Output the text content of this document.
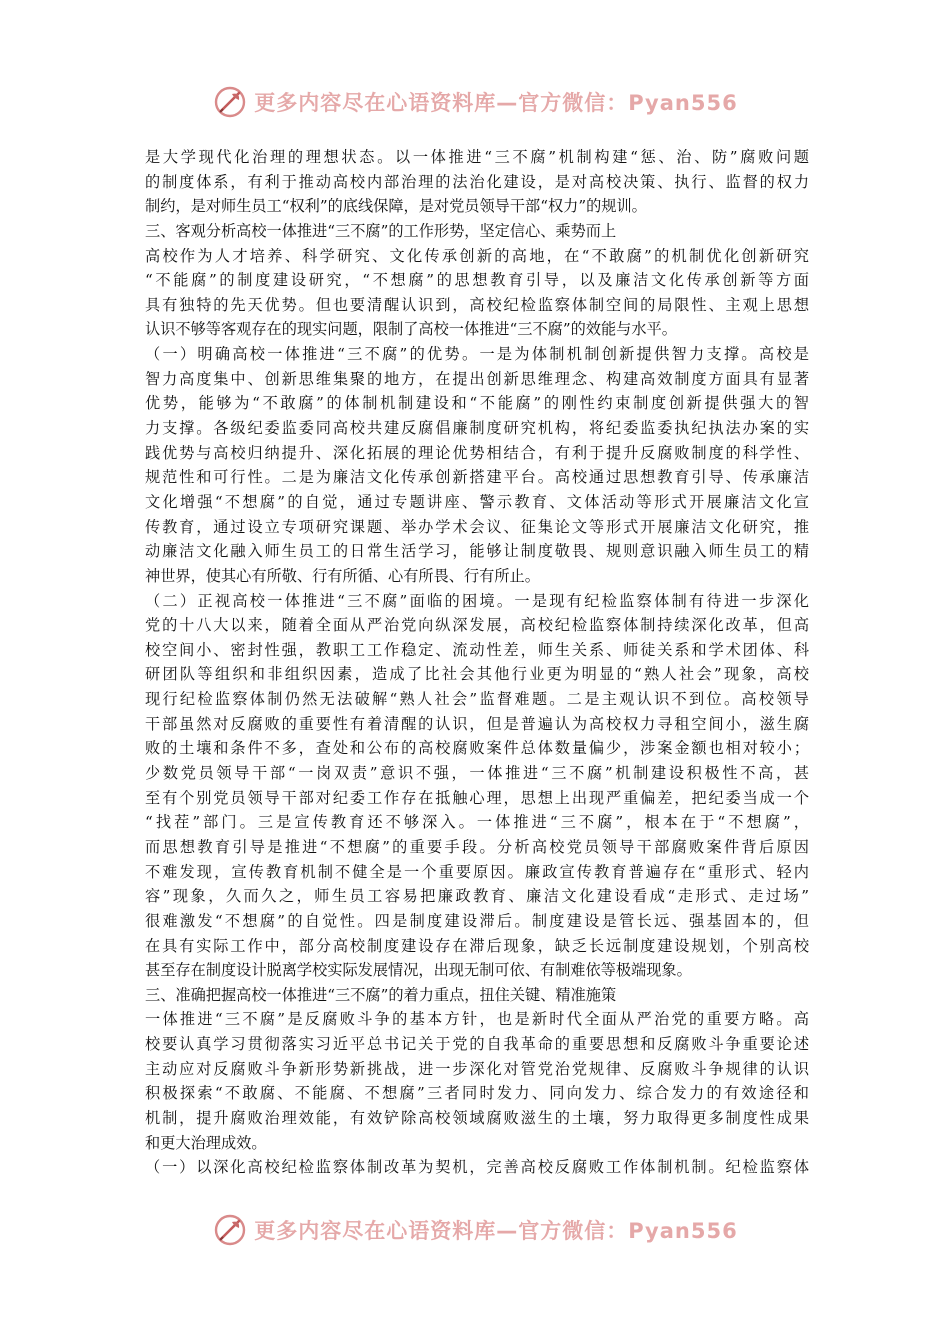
更多内容尽在心语资料库—官方微信：Pyan556
是大学现代化治理的理想状态。以一体推进“三不腐”机制构建“惩、治、防”腐败问题
的制度体系，有利于推动高校内部治理的法治化建设，是对高校决策、执行、监督的权力
制约，是对师生员工“权利”的底线保障，是对党员领导干部“权力”的规训。
三、客观分析高校一体推进“三不腐”的工作形势，坚定信心、乘势而上
高校作为人才培养、科学研究、文化传承创新的高地，在“不敢腐”的机制优化创新研究
“不能腐”的制度建设研究，“不想腐”的思想教育引导，以及廉洁文化传承创新等方面
具有独特的先天优势。但也要清醒认识到，高校纪检监察体制空间的局限性、主观上思想
认识不够等客观存在的现实问题，限制了高校一体推进“三不腐”的效能与水平。
（一）明确高校一体推进“三不腐”的优势。一是为体制机制创新提供智力支撑。高校是
智力高度集中、创新思维集聚的地方，在提出创新思维理念、构建高效制度方面具有显著
优势，能够为“不敢腐”的体制机制建设和“不能腐”的刚性约束制度创新提供强大的智
力支撑。各级纪委监委同高校共建反腐倡廉制度研究机构，将纪委监委执纪执法办案的实
践优势与高校归纳提升、深化拓展的理论优势相结合，有利于提升反腐败制度的科学性、
规范性和可行性。二是为廉洁文化传承创新搭建平台。高校通过思想教育引导、传承廉洁
文化增强“不想腐”的自觉，通过专题讲座、警示教育、文体活动等形式开展廉洁文化宣
传教育，通过设立专项研究课题、举办学术会议、征集论文等形式开展廉洁文化研究，推
动廉洁文化融入师生员工的日常生活学习，能够让制度敬畏、规则意识融入师生员工的精
神世界，使其心有所敬、行有所循、心有所畏、行有所止。
（二）正视高校一体推进“三不腐”面临的困境。一是现有纪检监察体制有待进一步深化
党的十八大以来，随着全面从严治党向纵深发展，高校纪检监察体制持续深化改革，但高
校空间小、密封性强，教职工工作稳定、流动性差，师生关系、师徒关系和学术团体、科
研团队等组织和非组织因素，造成了比社会其他行业更为明显的“熟人社会”现象，高校
现行纪检监察体制仍然无法破解“熟人社会”监督难题。二是主观认识不到位。高校领导
干部虽然对反腐败的重要性有着清醒的认识，但是普遍认为高校权力寻租空间小，滋生腐
败的土壤和条件不多，查处和公布的高校腐败案件总体数量偏少，涉案金额也相对较小；
少数党员领导干部“一岗双责”意识不强，一体推进“三不腐”机制建设积极性不高，甚
至有个别党员领导干部对纪委工作存在抵触心理，思想上出现严重偏差，把纪委当成一个
“找茬”部门。三是宣传教育还不够深入。一体推进“三不腐”，根本在于“不想腐”，
而思想教育引导是推进“不想腐”的重要手段。分析高校党员领导干部腐败案件背后原因
不难发现，宣传教育机制不健全是一个重要原因。廉政宣传教育普遍存在“重形式、轻内
容”现象，久而久之，师生员工容易把廉政教育、廉洁文化建设看成“走形式、走过场”
很难激发“不想腐”的自觉性。四是制度建设滞后。制度建设是管长远、强基固本的，但
在具有实际工作中，部分高校制度建设存在滞后现象，缺乏长远制度建设规划，个别高校
甚至存在制度设计脱离学校实际发展情况，出现无制可依、有制难依等极端现象。
三、准确把握高校一体推进“三不腐”的着力重点，扭住关键、精准施策
一体推进“三不腐”是反腐败斗争的基本方针，也是新时代全面从严治党的重要方略。高
校要认真学习贯彻落实习近平总书记关于党的自我革命的重要思想和反腐败斗争重要论述
主动应对反腐败斗争新形势新挑战，进一步深化对管党治党规律、反腐败斗争规律的认识
积极探索“不敢腐、不能腐、不想腐”三者同时发力、同向发力、综合发力的有效途径和
机制，提升腐败治理效能，有效铲除高校领域腐败滋生的土壤，努力取得更多制度性成果
和更大治理成效。
（一）以深化高校纪检监察体制改革为契机，完善高校反腐败工作体制机制。纪检监察体
更多内容尽在心语资料库—官方微信：Pyan556
